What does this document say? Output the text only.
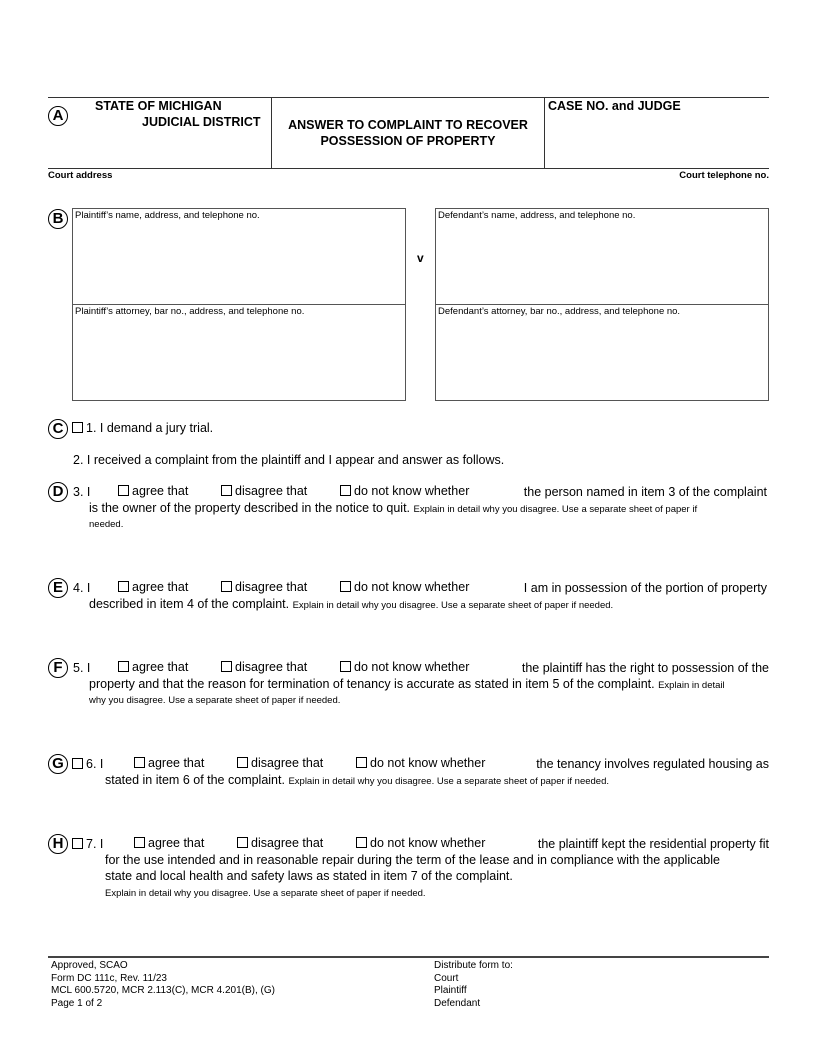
A
STATE OF MICHIGAN
JUDICIAL DISTRICT	ANSWER TO COMPLAINT TO RECOVER
POSSESSION OF PROPERTY
CASE NO. and JUDGE
Court address	Court telephone no.
B	Plaintiff’s name, address, and telephone no.
Plaintiff’s attorney, bar no., address, and telephone no.
v
Defendant’s name, address, and telephone no.
Defendant’s attorney, bar no., address, and telephone no.
C	1. I demand a jury trial.
2. I received a complaint from the plaintiff and I appear and answer as follows.
D 3. I	agree that	disagree that	do not know whether	the person named in item 3 of the complaint
is the owner of the property described in the notice to quit. Explain in detail why you disagree. Use a separate sheet of paper if
needed.
E 4. I	agree that	disagree that	do not know whether	I am in possession of the portion of property
described in item 4 of the complaint. Explain in detail why you disagree. Use a separate sheet of paper if needed.
F 5. I	agree that	disagree that	do not know whether	the plaintiff has the right to possession of the
property and that the reason for termination of tenancy is accurate as stated in item 5 of the complaint. Explain in detail
why you disagree. Use a separate sheet of paper if needed.
G	6. I	agree that	disagree that	do not know whether	the tenancy involves regulated housing as
stated in item 6 of the complaint. Explain in detail why you disagree. Use a separate sheet of paper if needed.
H	7. I	agree that	disagree that	do not know whether	the plaintiff kept the residential property fit
for the use intended and in reasonable repair during the term of the lease and in compliance with the applicable
state and local health and safety laws as stated in item 7 of the complaint.
Explain in detail why you disagree. Use a separate sheet of paper if needed.
Approved, SCAO
Form DC 111c, Rev. 11/23
MCL 600.5720, MCR 2.113(C), MCR 4.201(B), (G)
Page 1 of 2
Distribute form to:
Court
Plaintiff
Defendant
